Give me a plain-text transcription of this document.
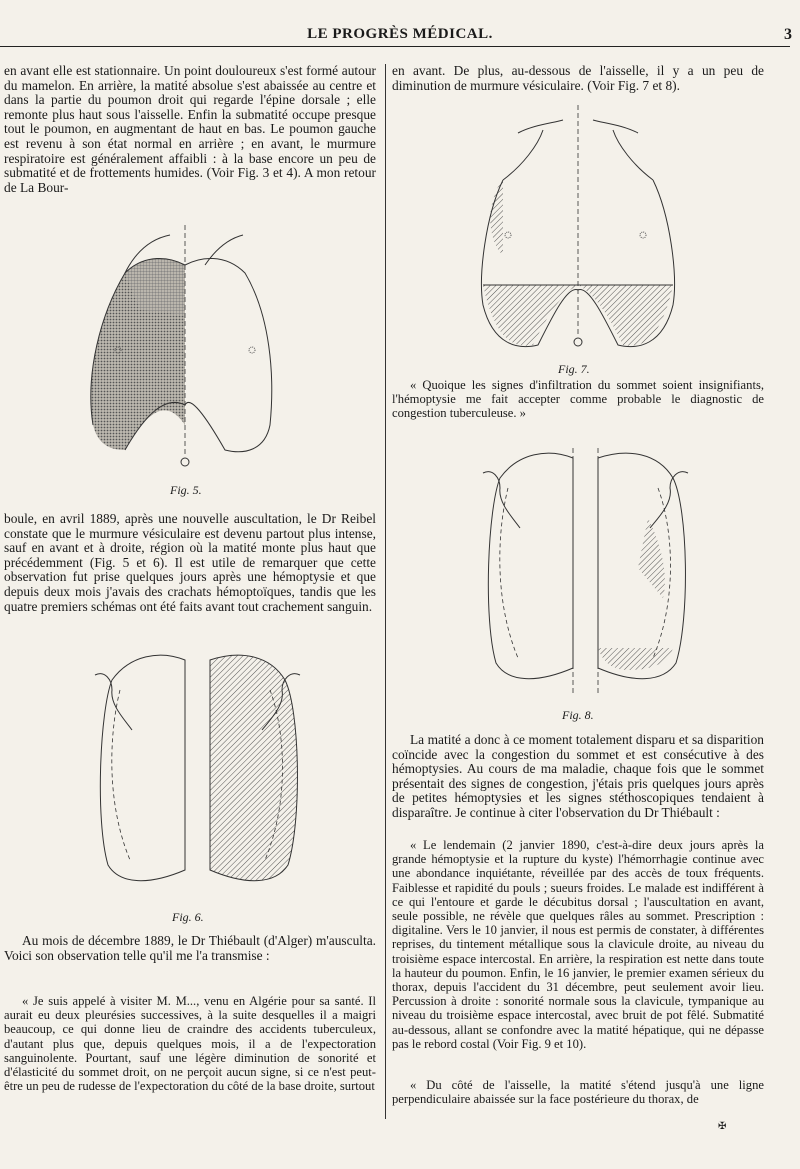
LE PROGRÈS MÉDICAL.	3

en avant elle est stationnaire. Un point douloureux s'est formé autour du mamelon. En arrière, la matité absolue s'est abaissée au centre et dans la partie du poumon droit qui regarde l'épine dorsale ; elle remonte plus haut sous l'aisselle. Enfin la submatité occupe presque tout le poumon, en augmentant de haut en bas. Le poumon gauche est revenu à son état normal en arrière ; en avant, le murmure respiratoire est généralement affaibli : à la base encore un peu de submatité et de frottements humides. (Voir Fig. 3 et 4). A mon retour de La Bour-

Fig. 5.

boule, en avril 1889, après une nouvelle auscultation, le Dr Reibel constate que le murmure vésiculaire est devenu partout plus intense, sauf en avant et à droite, région où la matité monte plus haut que précédemment (Fig. 5 et 6). Il est utile de remarquer que cette observation fut prise quelques jours après une hémoptysie et que depuis deux mois j'avais des crachats hémoptoïques, tandis que les quatre premiers schémas ont été faits avant tout crachement sanguin.

Fig. 6.

Au mois de décembre 1889, le Dr Thiébault (d'Alger) m'ausculta. Voici son observation telle qu'il me l'a transmise :

« Je suis appelé à visiter M. M..., venu en Algérie pour sa santé. Il aurait eu deux pleurésies successives, à la suite desquelles il a maigri beaucoup, ce qui donne lieu de craindre des accidents tuberculeux, d'autant plus que, depuis quelques mois, il a de l'expectoration sanguinolente. Pourtant, sauf une légère diminution de sonorité et d'élasticité du sommet droit, on ne perçoit aucun signe, si ce n'est peut-être un peu de rudesse de l'expectoration du côté de la base droite, surtout

en avant. De plus, au-dessous de l'aisselle, il y a un peu de diminution de murmure vésiculaire. (Voir Fig. 7 et 8).

Fig. 7.

« Quoique les signes d'infiltration du sommet soient insignifiants, l'hémoptysie me fait accepter comme probable le diagnostic de congestion tuberculeuse. »

Fig. 8.

La matité a donc à ce moment totalement disparu et sa disparition coïncide avec la congestion du sommet et est consécutive à des hémoptysies. Au cours de ma maladie, chaque fois que le sommet présentait des signes de congestion, j'étais pris quelques jours après de petites hémoptysies et les signes stéthoscopiques tendaient à disparaître. Je continue à citer l'observation du Dr Thiébault :

« Le lendemain (2 janvier 1890, c'est-à-dire deux jours après la grande hémoptysie et la rupture du kyste) l'hémorrhagie continue avec une abondance inquiétante, réveillée par des accès de toux fréquents. Faiblesse et rapidité du pouls ; sueurs froides. Le malade est indifférent à ce qui l'entoure et garde le décubitus dorsal ; l'auscultation en avant, seule possible, ne révèle que quelques râles au sommet. Prescription : digitaline. Vers le 10 janvier, il nous est permis de constater, à différentes reprises, du tintement métallique sous la clavicule droite, au niveau du troisième espace intercostal. En arrière, la respiration est nette dans toute la hauteur du poumon. Enfin, le 16 janvier, le premier examen sérieux du thorax, depuis l'accident du 31 décembre, peut seulement avoir lieu. Percussion à droite : sonorité normale sous la clavicule, tympanique au niveau du troisième espace intercostal, avec bruit de pot fêlé. Submatité au-dessous, allant se confondre avec la matité hépatique, qui ne dépasse pas le rebord costal (Voir Fig. 9 et 10).

« Du côté de l'aisselle, la matité s'étend jusqu'à une ligne perpendiculaire abaissée sur la face postérieure du thorax, de

✠
